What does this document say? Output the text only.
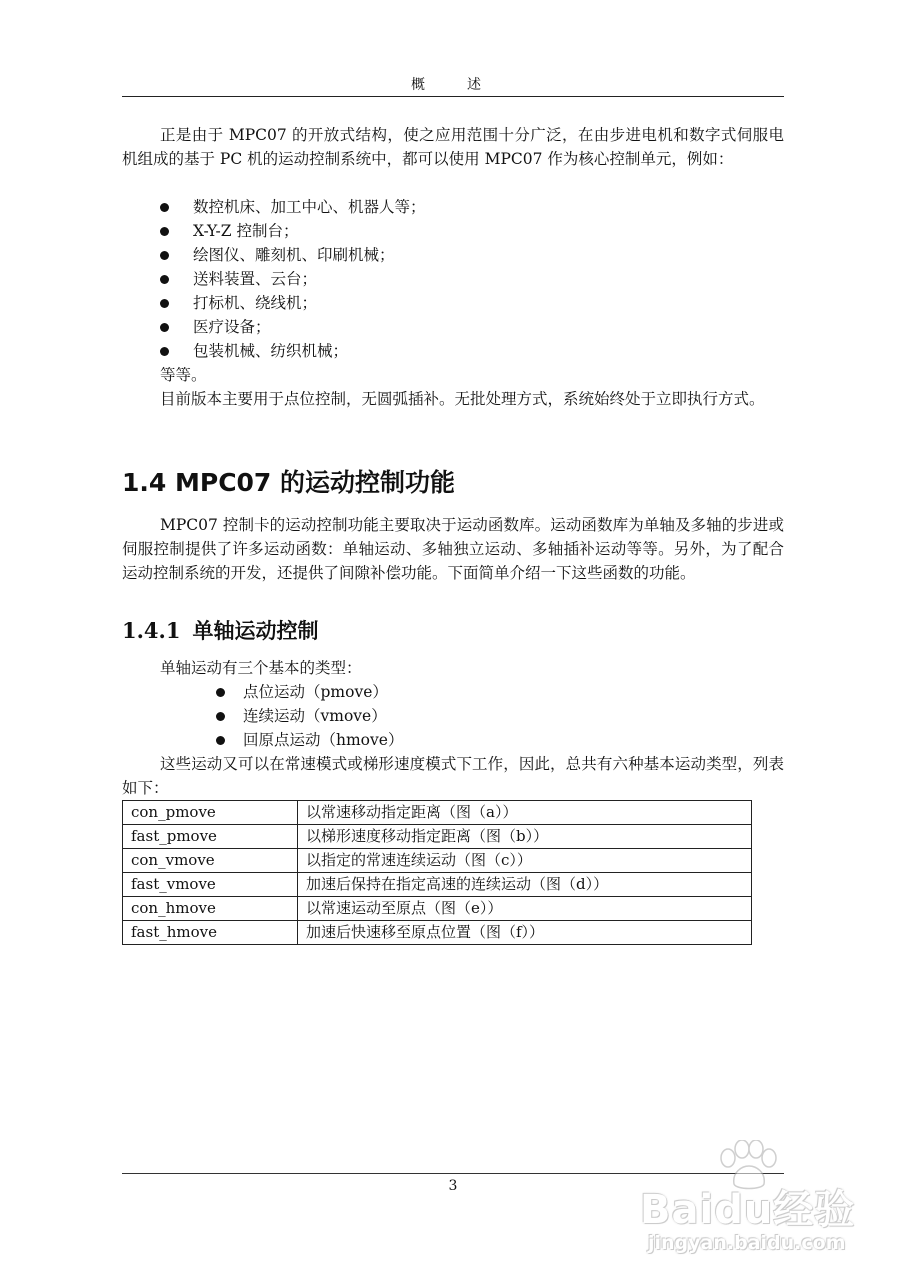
概　述

正是由于 MPC07 的开放式结构，使之应用范围十分广泛，在由步进电机和数字式伺服电机组成的基于 PC 机的运动控制系统中，都可以使用 MPC07 作为核心控制单元，例如：

数控机床、加工中心、机器人等；
X-Y-Z 控制台；
绘图仪、雕刻机、印刷机械；
送料装置、云台；
打标机、绕线机；
医疗设备；
包装机械、纺织机械；

等等。

目前版本主要用于点位控制，无圆弧插补。无批处理方式，系统始终处于立即执行方式。

1.4 MPC07 的运动控制功能

MPC07 控制卡的运动控制功能主要取决于运动函数库。运动函数库为单轴及多轴的步进或伺服控制提供了许多运动函数：单轴运动、多轴独立运动、多轴插补运动等等。另外，为了配合运动控制系统的开发，还提供了间隙补偿功能。下面简单介绍一下这些函数的功能。

1.4.1 单轴运动控制

单轴运动有三个基本的类型：

点位运动（pmove）
连续运动（vmove）
回原点运动（hmove）

这些运动又可以在常速模式或梯形速度模式下工作，因此，总共有六种基本运动类型，列表如下：

con_pmove	以常速移动指定距离（图（a））
fast_pmove	以梯形速度移动指定距离（图（b））
con_vmove	以指定的常速连续运动（图（c））
fast_vmove	加速后保持在指定高速的连续运动（图（d））
con_hmove	以常速运动至原点（图（e））
fast_hmove	加速后快速移至原点位置（图（f））
3
Baidu经验
jingyan.baidu.com
